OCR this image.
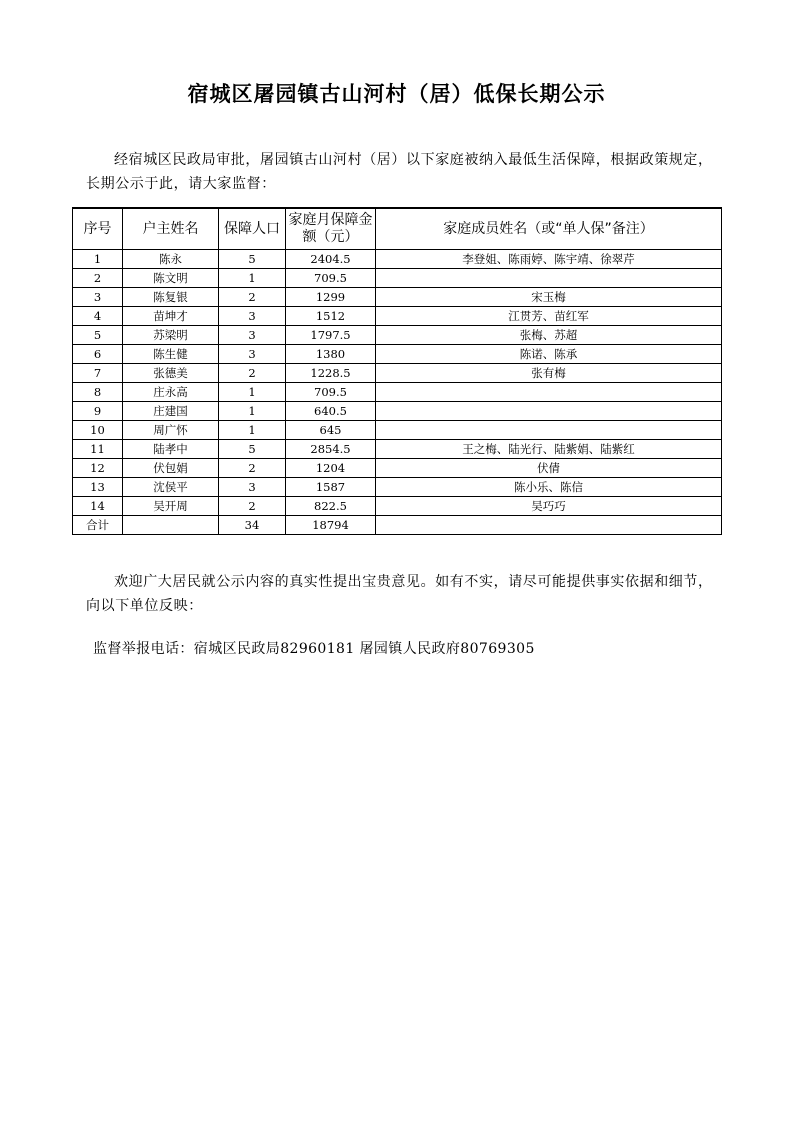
宿城区屠园镇古山河村（居）低保长期公示
经宿城区民政局审批，屠园镇古山河村（居）以下家庭被纳入最低生活保障，根据政策规定，长期公示于此，请大家监督：
序号	户主姓名	保障人口	家庭月保障金额（元）	家庭成员姓名（或“单人保”备注）
1	陈永	5	2404.5	李登姐、陈雨婷、陈宇靖、徐翠芹
2	陈文明	1	709.5	
3	陈复银	2	1299	宋玉梅
4	苗坤才	3	1512	江贯芳、苗红军
5	苏梁明	3	1797.5	张梅、苏超
6	陈生健	3	1380	陈诺、陈承
7	张德美	2	1228.5	张有梅
8	庄永高	1	709.5	
9	庄建国	1	640.5	
10	周广怀	1	645	
11	陆孝中	5	2854.5	王之梅、陆光行、陆紫娟、陆紫红
12	伏包娟	2	1204	伏倩
13	沈侯平	3	1587	陈小乐、陈信
14	吴开周	2	822.5	吴巧巧
合计		34	18794	
欢迎广大居民就公示内容的真实性提出宝贵意见。如有不实，请尽可能提供事实依据和细节，向以下单位反映：
监督举报电话：宿城区民政局82960181 屠园镇人民政府80769305
